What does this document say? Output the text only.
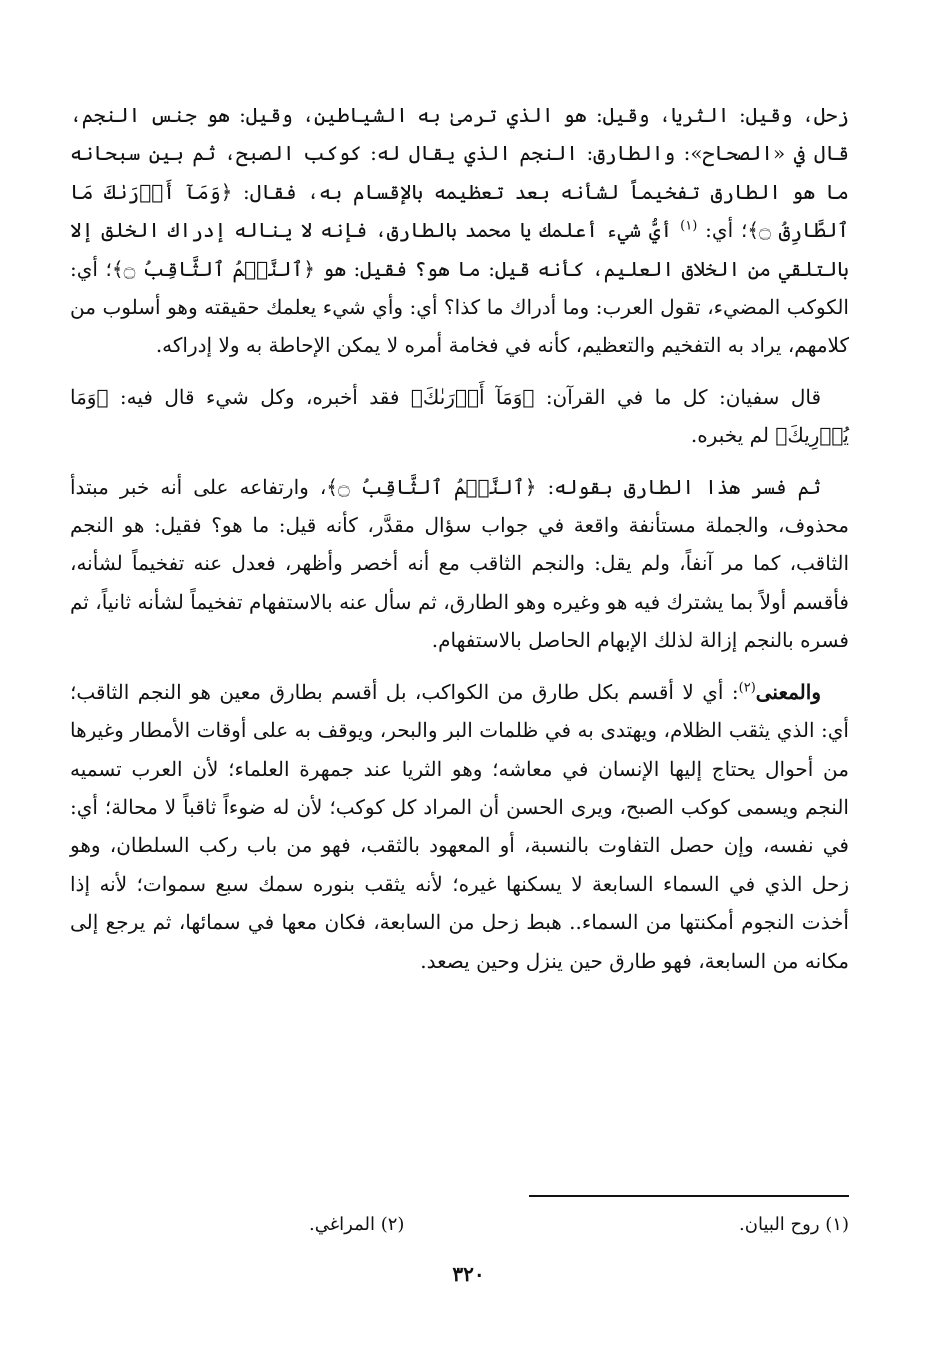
زحل، وقيل: الثريا، وقيل: هو الذي ترمىٰ به الشياطين، وقيل: هو جنس النجم، قال في «الصحاح»: والطارق: النجم الذي يقال له: كوكب الصبح، ثم بين سبحانه ما هو الطارق تفخيماً لشأنه بعد تعظيمه بالإقسام به، فقال: ﴿وَمَآ أَدۡرَىٰكَ مَا ٱلطَّارِقُ ۝﴾؛ أي: $^{(١)}$ أيُّ شيء أعلمك يا محمد بالطارق، فإنه لا يناله إدراك الخلق إلا بالتلقي من الخلاق العليم، كأنه قيل: ما هو؟ فقيل: هو ﴿ٱلنَّجۡمُ ٱلثَّاقِبُ ۝﴾؛ أي: الكوكب المضيء، تقول العرب: وما أدراك ما كذا؟ أي: وأي شيء يعلمك حقيقته وهو أسلوب من كلامهم، يراد به التفخيم والتعظيم، كأنه في فخامة أمره لا يمكن الإحاطة به ولا إدراكه.

قال سفيان: كل ما في القرآن: ﴿وَمَآ أَدۡرَىٰكَ﴾ فقد أخبره، وكل شيء قال فيه: ﴿وَمَا يُدۡرِيكَ﴾ لم يخبره.

ثم فسر هذا الطارق بقوله: ﴿ٱلنَّجۡمُ ٱلثَّاقِبُ ۝﴾، وارتفاعه على أنه خبر مبتدأ محذوف، والجملة مستأنفة واقعة في جواب سؤال مقدَّر، كأنه قيل: ما هو؟ فقيل: هو النجم الثاقب، كما مر آنفاً، ولم يقل: والنجم الثاقب مع أنه أخصر وأظهر، فعدل عنه تفخيماً لشأنه، فأقسم أولاً بما يشترك فيه هو وغيره وهو الطارق، ثم سأل عنه بالاستفهام تفخيماً لشأنه ثانياً، ثم فسره بالنجم إزالة لذلك الإبهام الحاصل بالاستفهام.

والمعنى$^{(٢)}$: أي لا أقسم بكل طارق من الكواكب، بل أقسم بطارق معين هو النجم الثاقب؛ أي: الذي يثقب الظلام، ويهتدى به في ظلمات البر والبحر، ويوقف به على أوقات الأمطار وغيرها من أحوال يحتاج إليها الإنسان في معاشه؛ وهو الثريا عند جمهرة العلماء؛ لأن العرب تسميه النجم ويسمى كوكب الصبح، ويرى الحسن أن المراد كل كوكب؛ لأن له ضوءاً ثاقباً لا محالة؛ أي: في نفسه، وإن حصل التفاوت بالنسبة، أو المعهود بالثقب، فهو من باب ركب السلطان، وهو زحل الذي في السماء السابعة لا يسكنها غيره؛ لأنه يثقب بنوره سمك سبع سموات؛ لأنه إذا أخذت النجوم أمكنتها من السماء.. هبط زحل من السابعة، فكان معها في سمائها، ثم يرجع إلى مكانه من السابعة، فهو طارق حين ينزل وحين يصعد.

(١) روح البيان.
(٢) المراغي.
٣٢٠
